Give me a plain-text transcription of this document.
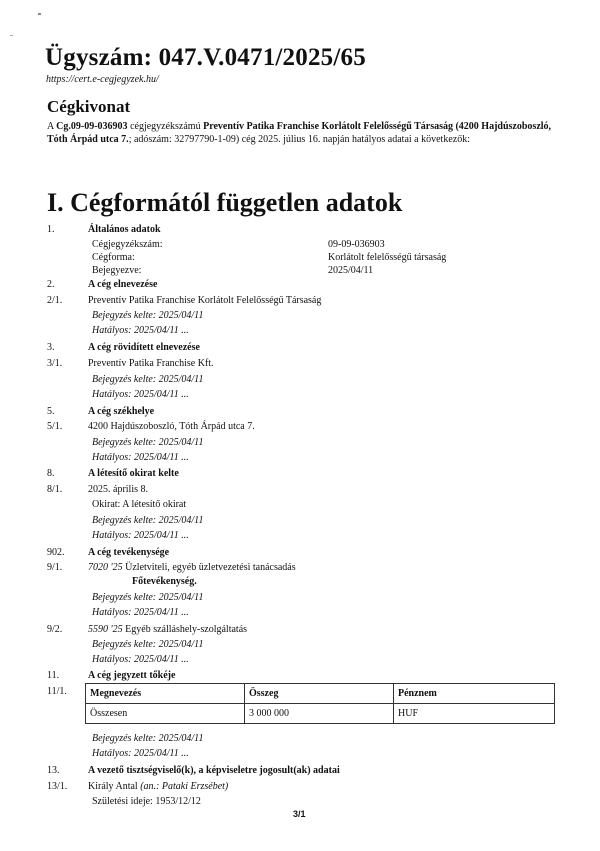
Ügyszám: 047.V.0471/2025/65
https://cert.e-cegjegyzek.hu/
Cégkivonat
A Cg.09-09-036903 cégjegyzékszámú Preventív Patika Franchise Korlátolt Felelősségű Társaság (4200 Hajdúszoboszló, Tóth Árpád utca 7.; adószám: 32797790-1-09) cég 2025. július 16. napján hatályos adatai a következők:
I. Cégformától független adatok
1.	Általános adatok
Cégjegyzékszám:	09-09-036903
Cégforma:	Korlátolt felelősségű társaság
Bejegyezve:	2025/04/11
2.	A cég elnevezése
2/1.	Preventív Patika Franchise Korlátolt Felelősségű Társaság
Bejegyzés kelte: 2025/04/11
Hatályos: 2025/04/11 ...
3.	A cég rövidített elnevezése
3/1.	Preventív Patika Franchise Kft.
Bejegyzés kelte: 2025/04/11
Hatályos: 2025/04/11 ...
5.	A cég székhelye
5/1.	4200 Hajdúszoboszló, Tóth Árpád utca 7.
Bejegyzés kelte: 2025/04/11
Hatályos: 2025/04/11 ...
8.	A létesítő okirat kelte
8/1.	2025. április 8.
Okirat: A létesítő okirat
Bejegyzés kelte: 2025/04/11
Hatályos: 2025/04/11 ...
902. A cég tevékenysége
9/1.	7020 '25 Üzletviteli, egyéb üzletvezetési tanácsadás
Főtevékenység.
Bejegyzés kelte: 2025/04/11
Hatályos: 2025/04/11 ...
9/2.	5590 '25 Egyéb szálláshely-szolgáltatás
Bejegyzés kelte: 2025/04/11
Hatályos: 2025/04/11 ...
11.	A cég jegyzett tőkéje
11/1. Megnevezés	Összeg	Pénznem
Összesen	3 000 000	HUF
Bejegyzés kelte: 2025/04/11
Hatályos: 2025/04/11 ...
13.	A vezető tisztségviselő(k), a képviseletre jogosult(ak) adatai
13/1. Király Antal (an.: Pataki Erzsébet)
Születési ideje: 1953/12/12
3/1
